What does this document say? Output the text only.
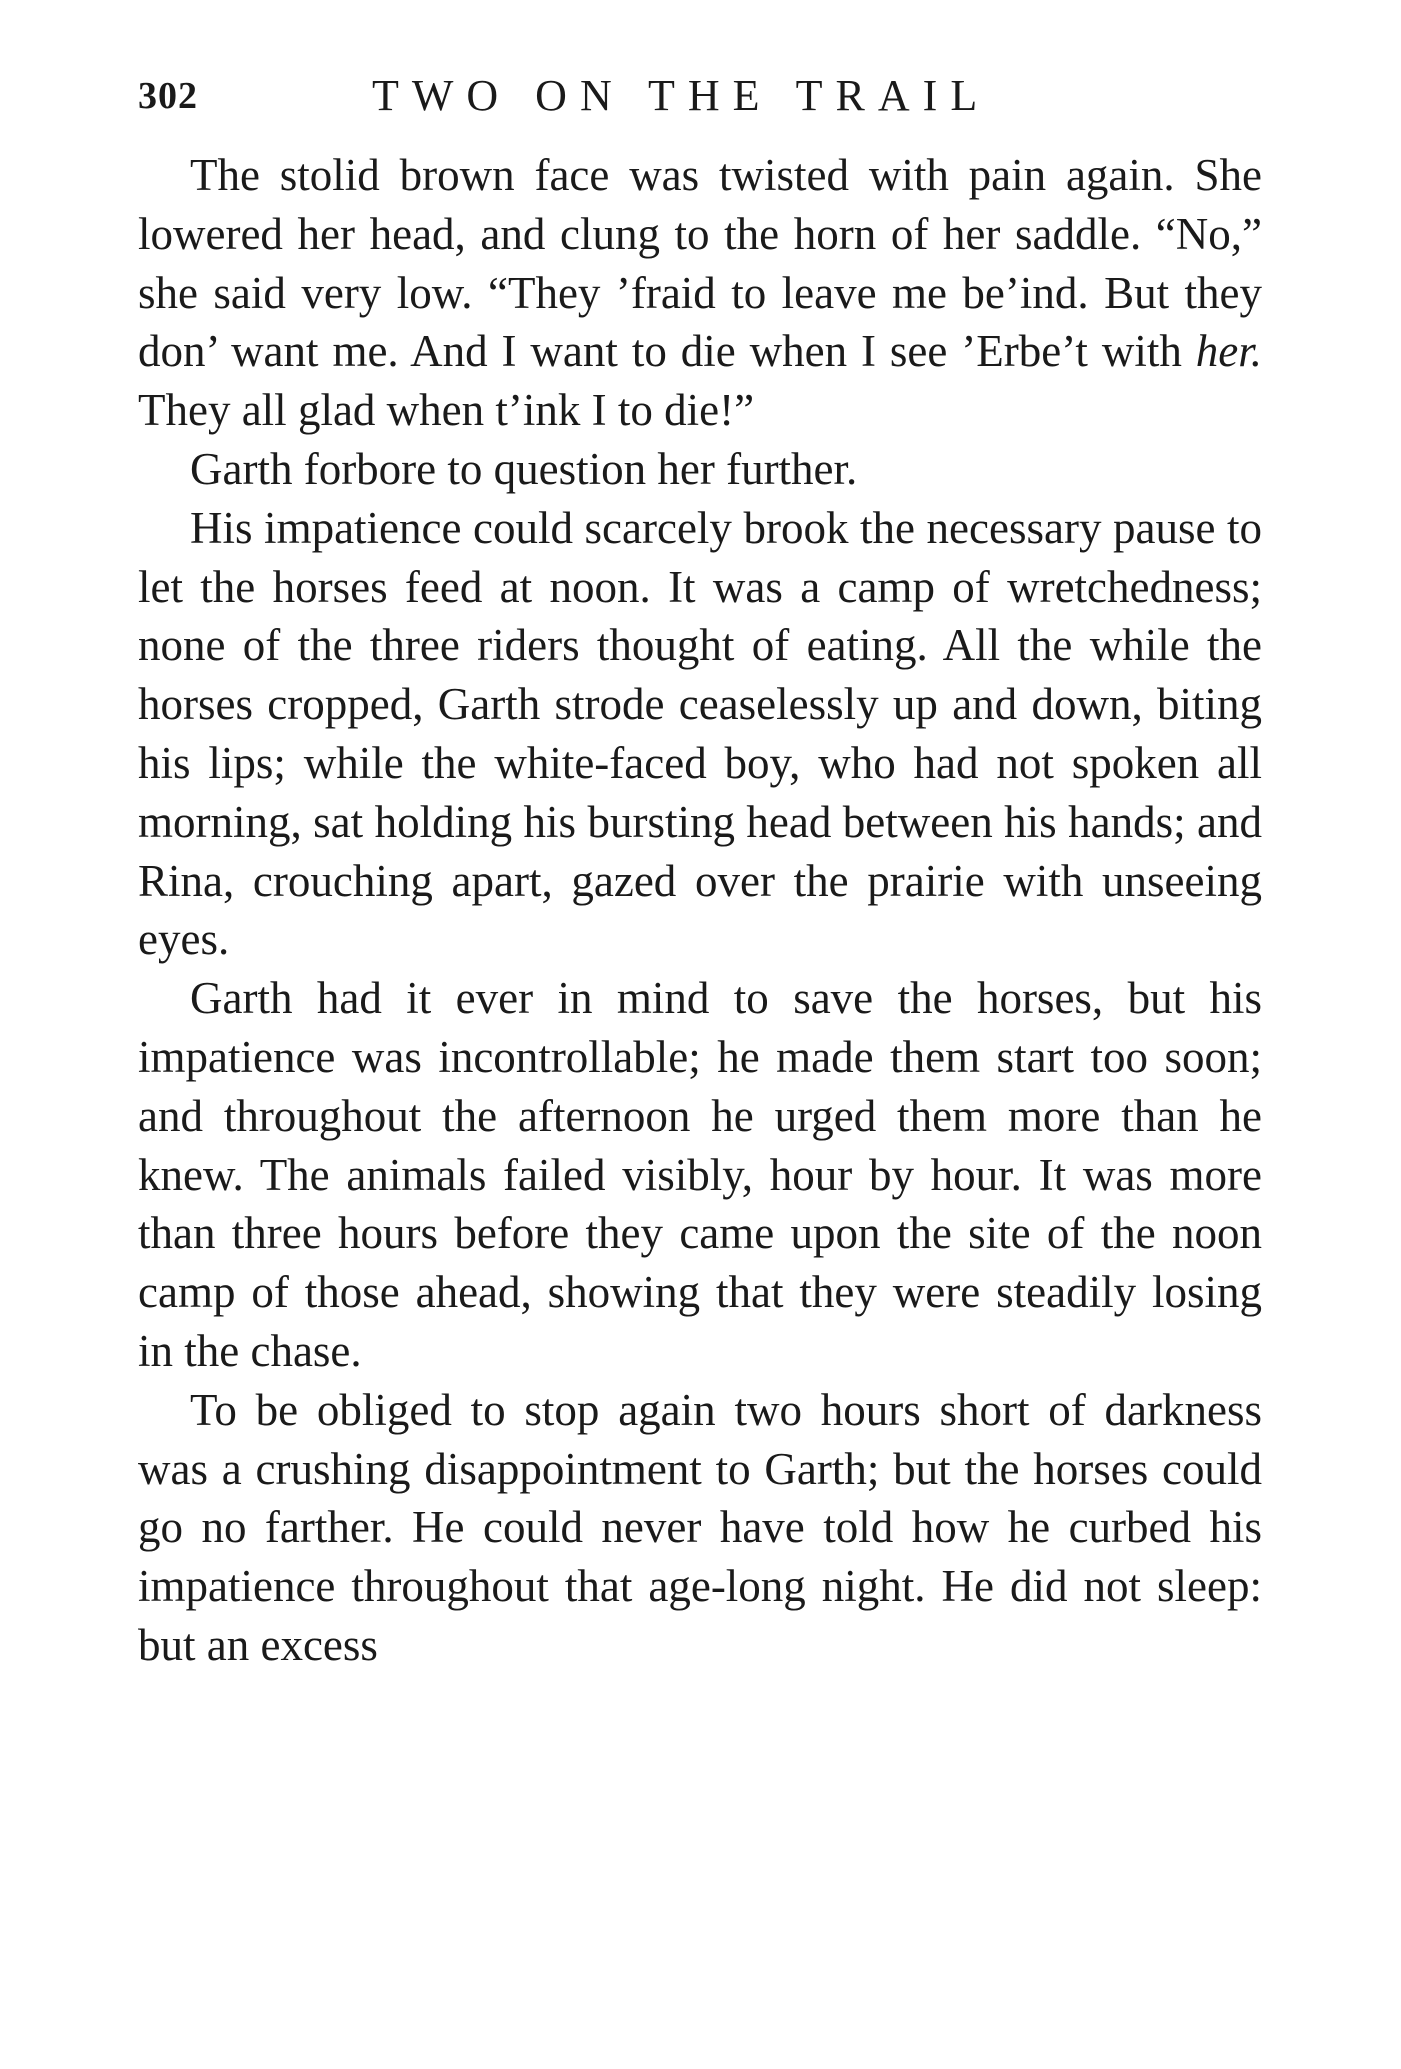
302	TWO ON THE TRAIL

The stolid brown face was twisted with pain again. She lowered her head, and clung to the horn of her saddle. “No,” she said very low. “They ’fraid to leave me be’ind. But they don’ want me. And I want to die when I see ’Erbe’t with her. They all glad when t’ink I to die!”

Garth forbore to question her further.

His impatience could scarcely brook the necessary pause to let the horses feed at noon. It was a camp of wretchedness; none of the three riders thought of eating. All the while the horses cropped, Garth strode ceaselessly up and down, biting his lips; while the white-faced boy, who had not spoken all morning, sat holding his bursting head between his hands; and Rina, crouching apart, gazed over the prairie with unseeing eyes.

Garth had it ever in mind to save the horses, but his impatience was incontrollable; he made them start too soon; and throughout the afternoon he urged them more than he knew. The animals failed visibly, hour by hour. It was more than three hours before they came upon the site of the noon camp of those ahead, showing that they were steadily losing in the chase.

To be obliged to stop again two hours short of darkness was a crushing disappointment to Garth; but the horses could go no farther. He could never have told how he curbed his impatience throughout that age-long night. He did not sleep: but an excess
